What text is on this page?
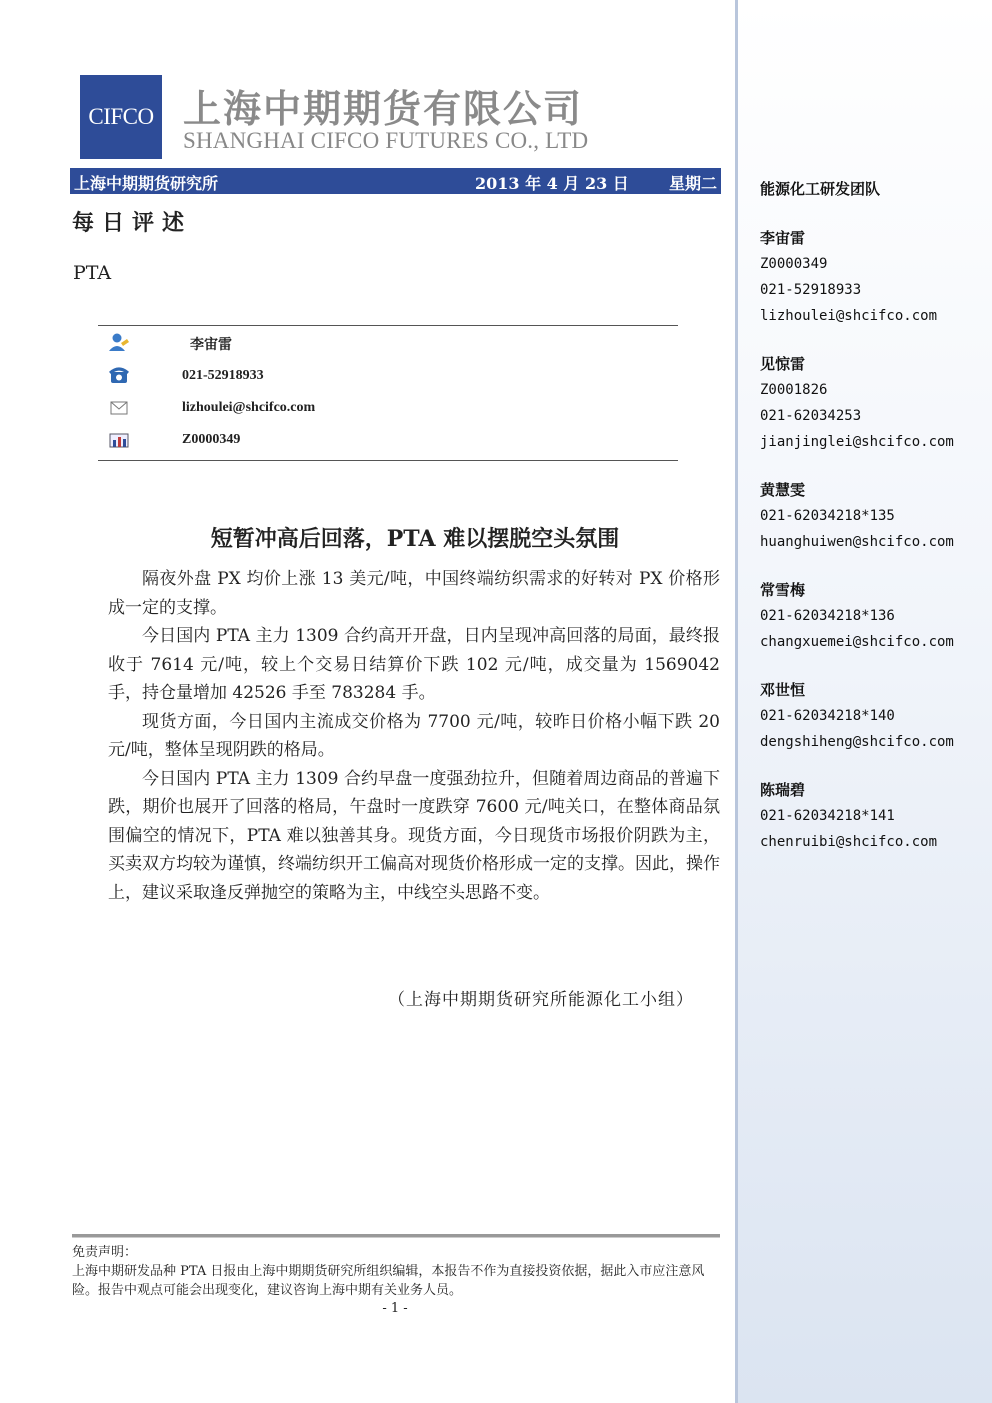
CIFCO 上海中期期货有限公司
SHANGHAI CIFCO FUTURES CO., LTD
上海中期期货研究所	2013 年 4 月 23 日	星期二
每日评述
PTA
李宙雷
021-52918933
lizhoulei@shcifco.com
Z0000349
短暂冲高后回落，PTA 难以摆脱空头氛围

隔夜外盘 PX 均价上涨 13 美元/吨，中国终端纺织需求的好转对 PX 价格形成一定的支撑。

今日国内 PTA 主力 1309 合约高开开盘，日内呈现冲高回落的局面，最终报收于 7614 元/吨，较上个交易日结算价下跌 102 元/吨，成交量为 1569042 手，持仓量增加 42526 手至 783284 手。

现货方面，今日国内主流成交价格为 7700 元/吨，较昨日价格小幅下跌 20 元/吨，整体呈现阴跌的格局。

今日国内 PTA 主力 1309 合约早盘一度强劲拉升，但随着周边商品的普遍下跌，期价也展开了回落的格局，午盘时一度跌穿 7600 元/吨关口，在整体商品氛围偏空的情况下，PTA 难以独善其身。现货方面，今日现货市场报价阴跌为主，买卖双方均较为谨慎，终端纺织开工偏高对现货价格形成一定的支撑。因此，操作上，建议采取逢反弹抛空的策略为主，中线空头思路不变。

（上海中期期货研究所能源化工小组）
免责声明：
上海中期研发品种 PTA 日报由上海中期期货研究所组织编辑，本报告不作为直接投资依据，据此入市应注意风险。报告中观点可能会出现变化，建议咨询上海中期有关业务人员。
- 1 -
能源化工研发团队
李宙雷
Z0000349
021-52918933
lizhoulei@shcifco.com
见惊雷
Z0001826
021-62034253
jianjinglei@shcifco.com
黄慧雯
021-62034218*135
huanghuiwen@shcifco.com
常雪梅
021-62034218*136
changxuemei@shcifco.com
邓世恒
021-62034218*140
dengshiheng@shcifco.com
陈瑞碧
021-62034218*141
chenruibi@shcifco.com
